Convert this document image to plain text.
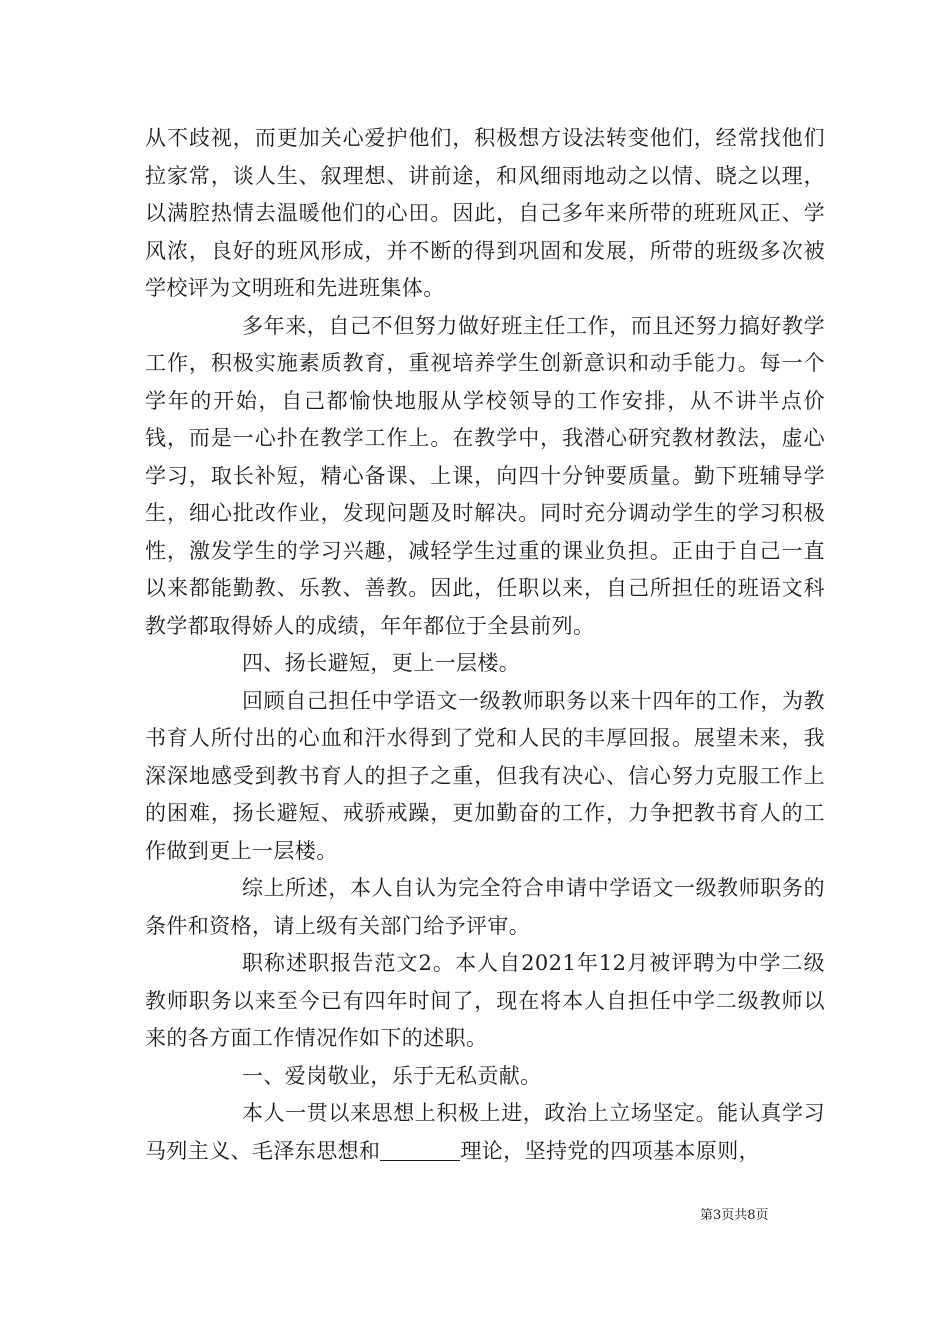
从不歧视，而更加关心爱护他们，积极想方设法转变他们，经常找他们拉家常，谈人生、叙理想、讲前途，和风细雨地动之以情、晓之以理，以满腔热情去温暖他们的心田。因此，自己多年来所带的班班风正、学风浓，良好的班风形成，并不断的得到巩固和发展，所带的班级多次被学校评为文明班和先进班集体。

多年来，自己不但努力做好班主任工作，而且还努力搞好教学工作，积极实施素质教育，重视培养学生创新意识和动手能力。每一个学年的开始，自己都愉快地服从学校领导的工作安排，从不讲半点价钱，而是一心扑在教学工作上。在教学中，我潜心研究教材教法，虚心学习，取长补短，精心备课、上课，向四十分钟要质量。勤下班辅导学生，细心批改作业，发现问题及时解决。同时充分调动学生的学习积极性，激发学生的学习兴趣，减轻学生过重的课业负担。正由于自己一直以来都能勤教、乐教、善教。因此，任职以来，自己所担任的班语文科教学都取得娇人的成绩，年年都位于全县前列。

四、扬长避短，更上一层楼。

回顾自己担任中学语文一级教师职务以来十四年的工作，为教书育人所付出的心血和汗水得到了党和人民的丰厚回报。展望未来，我深深地感受到教书育人的担子之重，但我有决心、信心努力克服工作上的困难，扬长避短、戒骄戒躁，更加勤奋的工作，力争把教书育人的工作做到更上一层楼。

综上所述，本人自认为完全符合申请中学语文一级教师职务的条件和资格，请上级有关部门给予评审。

职称述职报告范文2。本人自2021年12月被评聘为中学二级教师职务以来至今已有四年时间了，现在将本人自担任中学二级教师以来的各方面工作情况作如下的述职。

一、爱岗敬业，乐于无私贡献。

本人一贯以来思想上积极上进，政治上立场坚定。能认真学习马列主义、毛泽东思想和	理论，坚持党的四项基本原则，

第3页共8页
